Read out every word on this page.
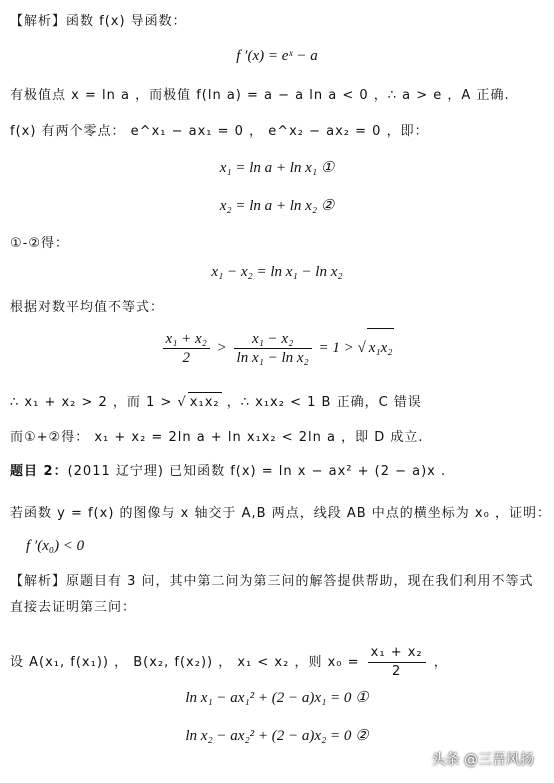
【解析】函数 f(x) 导函数：
f ′(x) = eˣ − a
有极值点 x = ln a ，而极值 f(ln a) = a − a ln a < 0 ，∴ a > e ，A 正确.
f(x) 有两个零点： e^x₁ − ax₁ = 0 ， e^x₂ − ax₂ = 0 ，即：
x₁ = ln a + ln x₁ ①
x₂ = ln a + ln x₂ ②
①-②得：
x₁ − x₂ = ln x₁ − ln x₂
根据对数平均值不等式：
$\frac{\text{x₁ + x₂}}{2} > \frac{\text{x₁ − x₂}}{\text{ln x₁ − ln x₂}} = 1$ > √ x₁x₂
∴ x₁ + x₂ > 2 ，而 1 > √ x₁x₂ ，∴ x₁x₂ < 1 B 正确，C 错误
而①+②得： x₁ + x₂ = 2ln a + ln x₁x₂ < 2ln a ，即 D 成立.
题目 2：(2011 辽宁理) 已知函数 f(x) = ln x − ax² + (2 − a)x .
若函数 y = f(x) 的图像与 x 轴交于 A,B 两点，线段 AB 中点的横坐标为 x₀ ，证明：
f ′(x₀) < 0
【解析】原题目有 3 问，其中第二问为第三问的解答提供帮助，现在我们利用不等式
直接去证明第三问：
设 A(x₁, f(x₁)) ， B(x₂, f(x₂)) ， x₁ < x₂ ，则 $x_0 = \frac{\text{x₁ + x₂}}{2}$ ，
ln x₁ − ax₁² + (2 − a)x₁ = 0 ①
ln x₂ − ax₂² + (2 − a)x₂ = 0 ②
头条 @三吾风扬
